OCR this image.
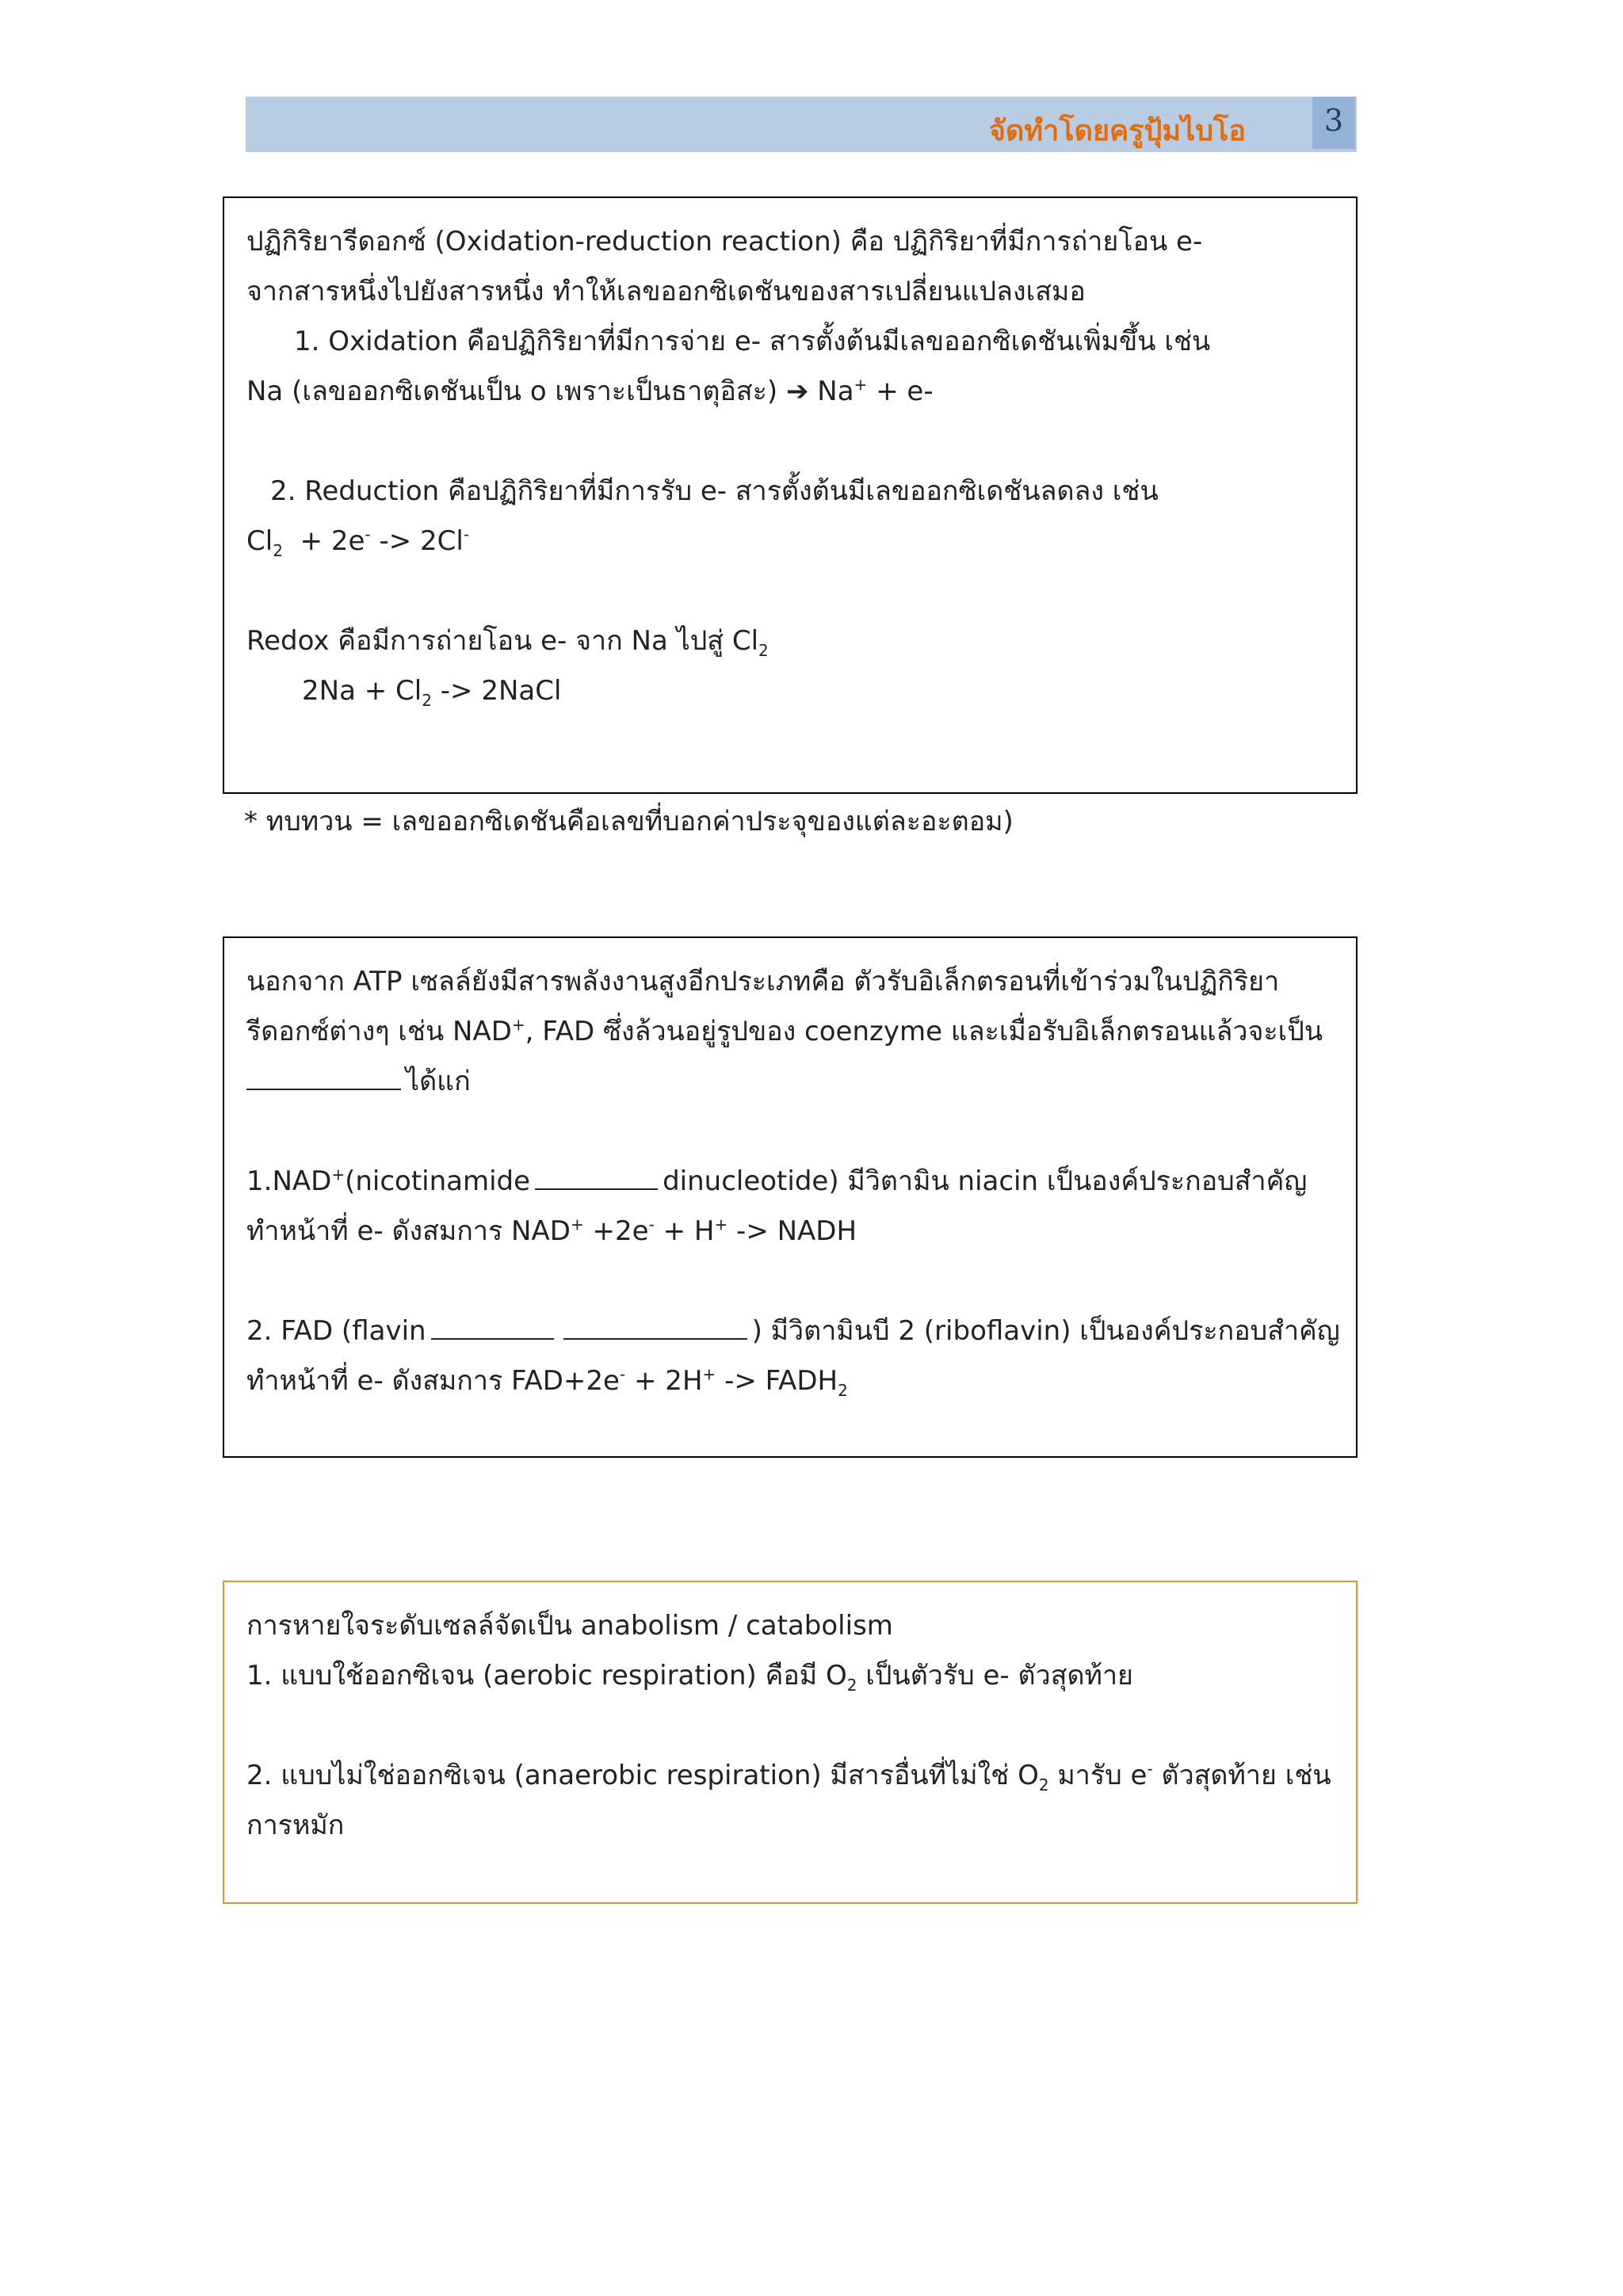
จัดทำโดยครูปุ้มไบโอ	3
ปฏิกิริยารีดอกซ์ (Oxidation-reduction reaction) คือ ปฏิกิริยาที่มีการถ่ายโอน e-
จากสารหนึ่งไปยังสารหนึ่ง ทำให้เลขออกซิเดชันของสารเปลี่ยนแปลงเสมอ
1. Oxidation คือปฏิกิริยาที่มีการจ่าย e- สารตั้งต้นมีเลขออกซิเดชันเพิ่มขึ้น เช่น
Na (เลขออกซิเดชันเป็น o เพราะเป็นธาตุอิสะ) ➔ Na+ + e-
2. Reduction คือปฏิกิริยาที่มีการรับ e- สารตั้งต้นมีเลขออกซิเดชันลดลง เช่น
$Cl_2 + 2e^- -> 2Cl^-$
Redox คือมีการถ่ายโอน e- จาก Na ไปสู่ $Cl_2$
$2Na + Cl_2$ -> 2NaCl
* ทบทวน = เลขออกซิเดชันคือเลขที่บอกค่าประจุของแต่ละอะตอม)
นอกจาก ATP เซลล์ยังมีสารพลังงานสูงอีกประเภทคือ ตัวรับอิเล็กตรอนที่เข้าร่วมในปฏิกิริยา
รีดอกซ์ต่างๆ เช่น NAD+, FAD ซึ่งล้วนอยู่รูปของ coenzyme และเมื่อรับอิเล็กตรอนแล้วจะเป็น
ได้แก่
1.NAD+(nicotinamide	dinucleotide) มีวิตามิน niacin เป็นองค์ประกอบสำคัญ
ทำหน้าที่ e- ดังสมการ NAD+ +2e- + H+ -> NADH
2. FAD (flavin	) มีวิตามินบี 2 (riboflavin) เป็นองค์ประกอบสำคัญ
ทำหน้าที่ e- ดังสมการ $FAD+2e^- + 2H^+ -> FADH_2$
การหายใจระดับเซลล์จัดเป็น anabolism / catabolism
1. แบบใช้ออกซิเจน (aerobic respiration) คือมี $O_2$ เป็นตัวรับ e- ตัวสุดท้าย
2. แบบไม่ใช่ออกซิเจน (anaerobic respiration) มีสารอื่นที่ไม่ใช่ $O_2$ มารับ e- ตัวสุดท้าย เช่น
การหมัก
